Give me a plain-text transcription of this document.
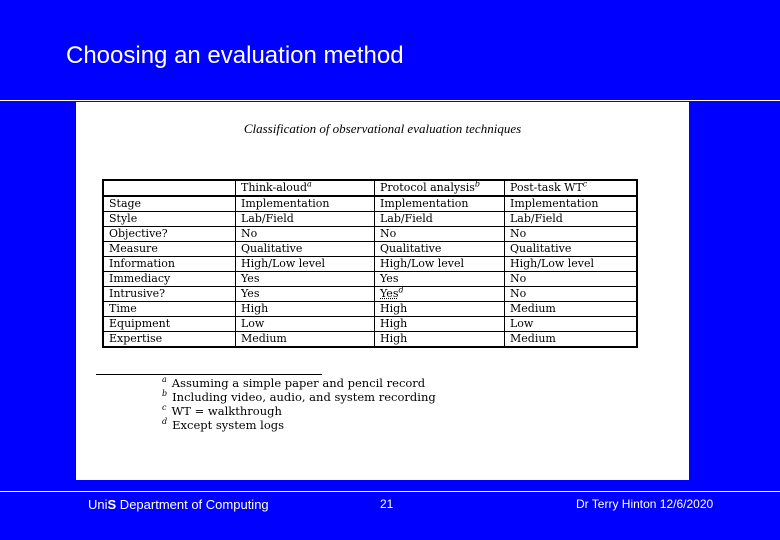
Choosing an evaluation method
Classification of observational evaluation techniques
	Think-aloud$^a$	Protocol analysis$^b$	Post-task $WT^c$
Stage	Implementation	Implementation	Implementation
Style	Lab/Field	Lab/Field	Lab/Field
Objective?	No	No	No
Measure	Qualitative	Qualitative	Qualitative
Information	High/Low level	High/Low level	High/Low level
Immediacy	Yes	Yes	No
Intrusive?	Yes	Yes$^d$	No
Time	High	High	Medium
Equipment	Low	High	Low
Expertise	Medium	High	Medium
$^a$ Assuming a simple paper and pencil record
$^b$ Including video, audio, and system recording
$^c$ WT = walkthrough
$^d$ Except system logs
UniS Department of Computing	21	Dr Terry Hinton 12/6/2020
